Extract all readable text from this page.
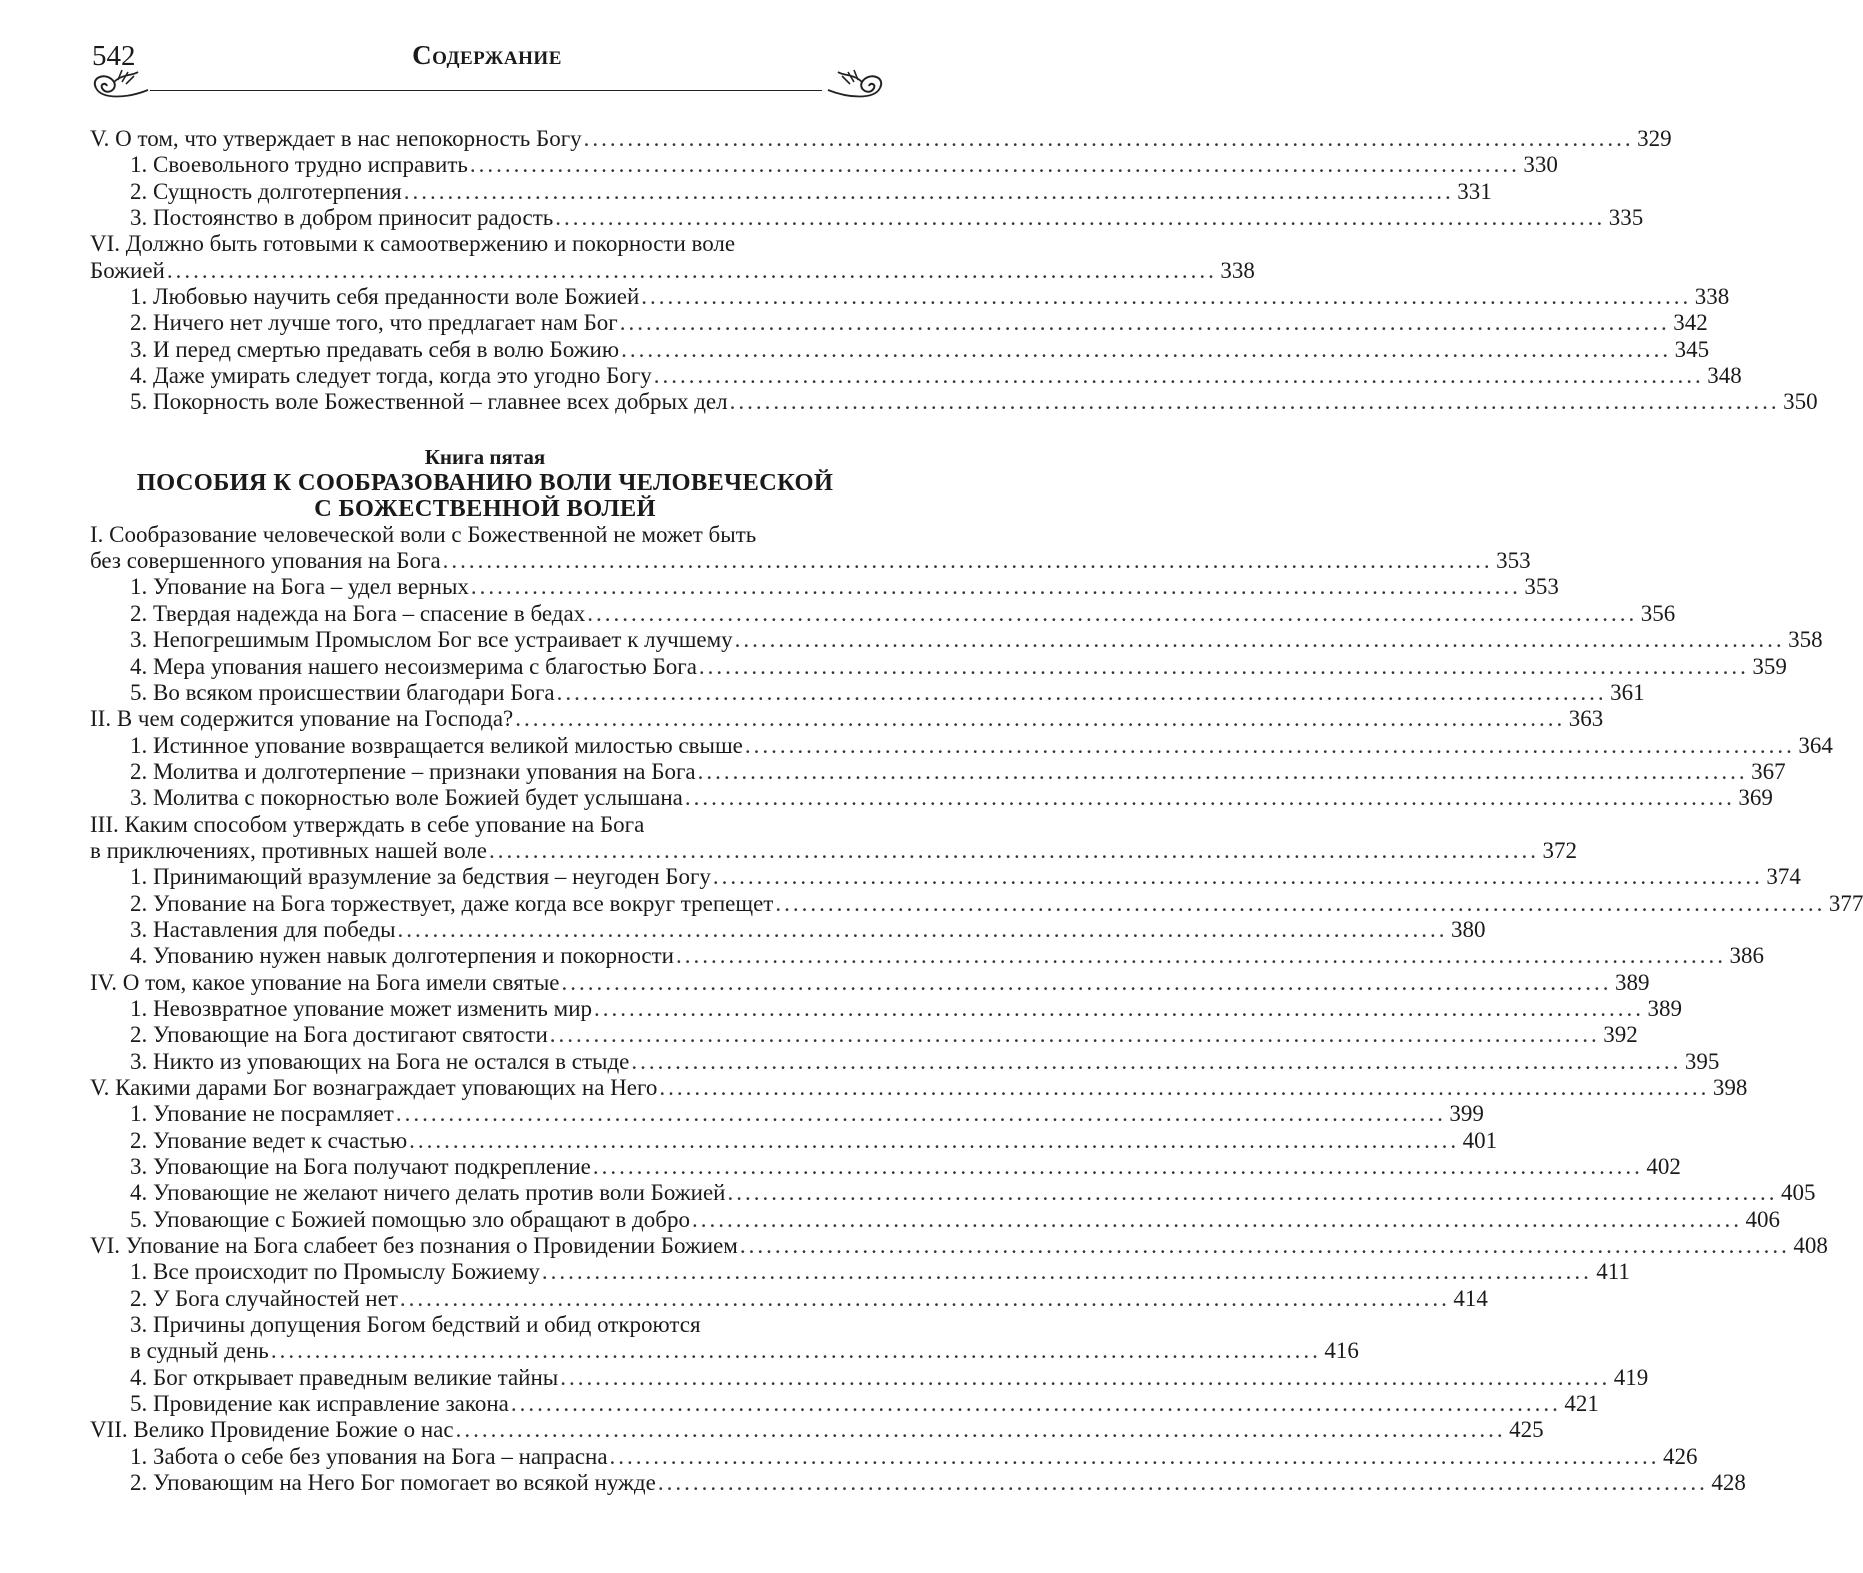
542	Содержание
V. О том, что утверждает в нас непокорность Богу ........................................................................................................................ 329
1. Своевольного трудно исправить ........................................................................................................................ 330
2. Сущность долготерпения ........................................................................................................................ 331
3. Постоянство в добром приносит радость ........................................................................................................................ 335
VI. Должно быть готовыми к самоотвержению и покорности воле
Божией ........................................................................................................................ 338
1. Любовью научить себя преданности воле Божией ........................................................................................................................ 338
2. Ничего нет лучше того, что предлагает нам Бог ........................................................................................................................ 342
3. И перед смертью предавать себя в волю Божию ........................................................................................................................ 345
4. Даже умирать следует тогда, когда это угодно Богу ........................................................................................................................ 348
5. Покорность воле Божественной – главнее всех добрых дел ........................................................................................................................ 350
Книга пятая
ПОСОБИЯ К СООБРАЗОВАНИЮ ВОЛИ ЧЕЛОВЕЧЕСКОЙ
С БОЖЕСТВЕННОЙ ВОЛЕЙ
I. Сообразование человеческой воли с Божественной не может быть
без совершенного упования на Бога ........................................................................................................................ 353
1. Упование на Бога – удел верных ........................................................................................................................ 353
2. Твердая надежда на Бога – спасение в бедах ........................................................................................................................ 356
3. Непогрешимым Промыслом Бог все устраивает к лучшему ........................................................................................................................ 358
4. Мера упования нашего несоизмерима с благостью Бога ........................................................................................................................ 359
5. Во всяком происшествии благодари Бога ........................................................................................................................ 361
II. В чем содержится упование на Господа? ........................................................................................................................ 363
1. Истинное упование возвращается великой милостью свыше ........................................................................................................................ 364
2. Молитва и долготерпение – признаки упования на Бога ........................................................................................................................ 367
3. Молитва с покорностью воле Божией будет услышана ........................................................................................................................ 369
III. Каким способом утверждать в себе упование на Бога
в приключениях, противных нашей воле ........................................................................................................................ 372
1. Принимающий вразумление за бедствия – неугоден Богу ........................................................................................................................ 374
2. Упование на Бога торжествует, даже когда все вокруг трепещет ........................................................................................................................ 377
3. Наставления для победы ........................................................................................................................ 380
4. Упованию нужен навык долготерпения и покорности ........................................................................................................................ 386
IV. О том, какое упование на Бога имели святые ........................................................................................................................ 389
1. Невозвратное упование может изменить мир ........................................................................................................................ 389
2. Уповающие на Бога достигают святости ........................................................................................................................ 392
3. Никто из уповающих на Бога не остался в стыде ........................................................................................................................ 395
V. Какими дарами Бог вознаграждает уповающих на Него ........................................................................................................................ 398
1. Упование не посрамляет ........................................................................................................................ 399
2. Упование ведет к счастью ........................................................................................................................ 401
3. Уповающие на Бога получают подкрепление ........................................................................................................................ 402
4. Уповающие не желают ничего делать против воли Божией ........................................................................................................................ 405
5. Уповающие с Божией помощью зло обращают в добро ........................................................................................................................ 406
VI. Упование на Бога слабеет без познания о Провидении Божием ........................................................................................................................ 408
1. Все происходит по Промыслу Божиему ........................................................................................................................ 411
2. У Бога случайностей нет ........................................................................................................................ 414
3. Причины допущения Богом бедствий и обид откроются
в судный день ........................................................................................................................ 416
4. Бог открывает праведным великие тайны ........................................................................................................................ 419
5. Провидение как исправление закона ........................................................................................................................ 421
VII. Велико Провидение Божие о нас ........................................................................................................................ 425
1. Забота о себе без упования на Бога – напрасна ........................................................................................................................ 426
2. Уповающим на Него Бог помогает во всякой нужде ........................................................................................................................ 428
